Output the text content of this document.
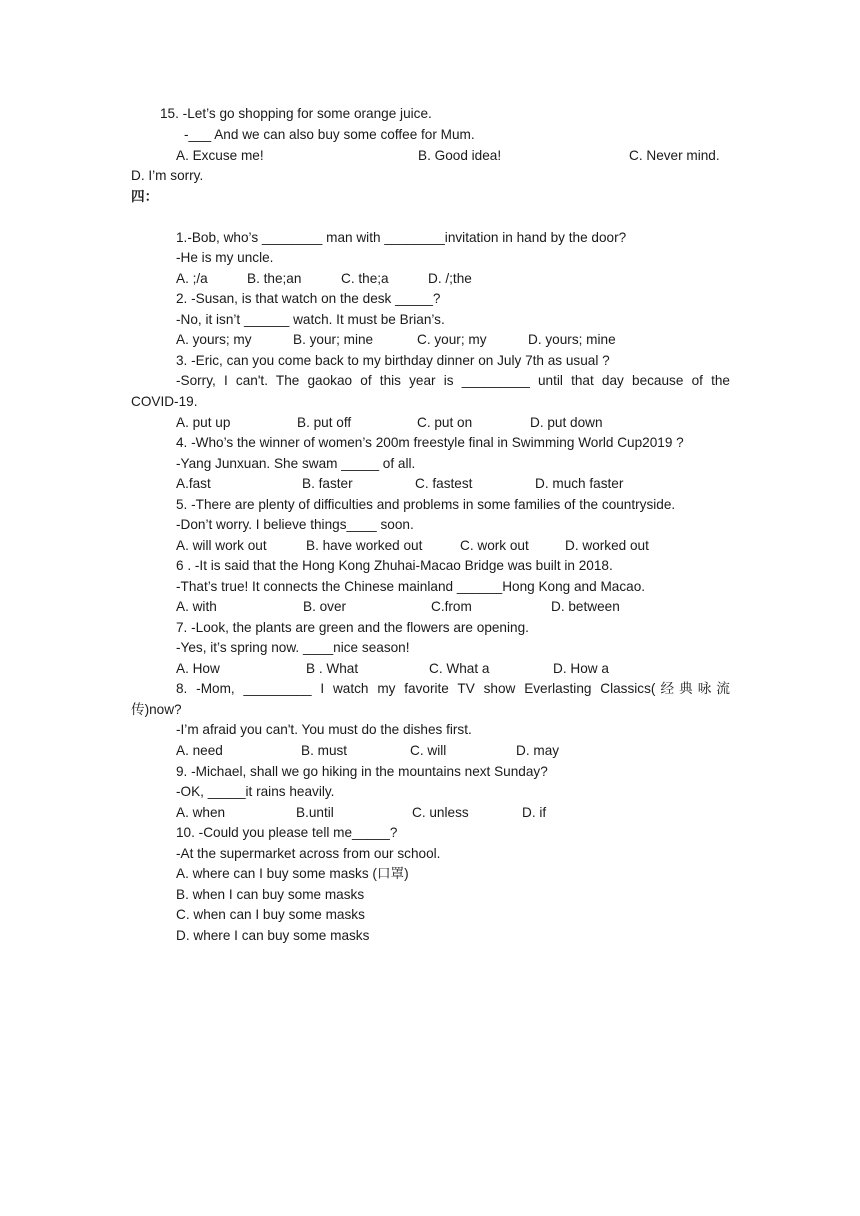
15. -Let’s go shopping for some orange juice.
-___ And we can also buy some coffee for Mum.

A. Excuse me!

	B. Good idea!

	C. Never mind.

D. I’m sorry.
四：
1.-Bob, who’s ________ man with ________invitation in hand by the door?
-He is my uncle.

A. ;/a

	B. the;an

	C. the;a

	D. /;the

2. -Susan, is that watch on the desk _____?
-No, it isn’t ______ watch. It must be Brian’s.

A. yours; my

	B. your; mine

	C. your; my

	D. yours; mine

3. -Eric, can you come back to my birthday dinner on July 7th as usual ?
-Sorry, I can't. The gaokao of this year is _________ until that day because of the
COVID-19.

A. put up

	B. put off

	C. put on

	D. put down

4. -Who’s the winner of women’s 200m freestyle final in Swimming World Cup2019 ?
-Yang Junxuan. She swam _____ of all.

A.fast

	B. faster

	C. fastest

	D. much faster

5. -There are plenty of difficulties and problems in some families of the countryside.
-Don’t worry. I believe things____ soon.

A. will work out

	B. have worked out

	C. work out

	D. worked out

6 . -It is said that the Hong Kong Zhuhai-Macao Bridge was built in 2018.
-That’s true! It connects the Chinese mainland ______Hong Kong and Macao.

A. with

	B. over

	C.from

	D. between

7. -Look, the plants are green and the flowers are opening.
-Yes, it’s spring now. ____nice season!

A. How

	B . What

	C. What a

	D. How a

8. -Mom, _________ I watch my favorite TV show Everlasting Classics(经典咏流
传)now?
-I’m afraid you can't. You must do the dishes first.

A. need

	B. must

	C. will

	D. may

9. -Michael, shall we go hiking in the mountains next Sunday?
-OK, _____it rains heavily.

A. when

	B.until

	C. unless

	D. if

10. -Could you please tell me_____?
-At the supermarket across from our school.
A. where can I buy some masks (口罩)
B. when I can buy some masks
C. when can I buy some masks
D. where I can buy some masks
